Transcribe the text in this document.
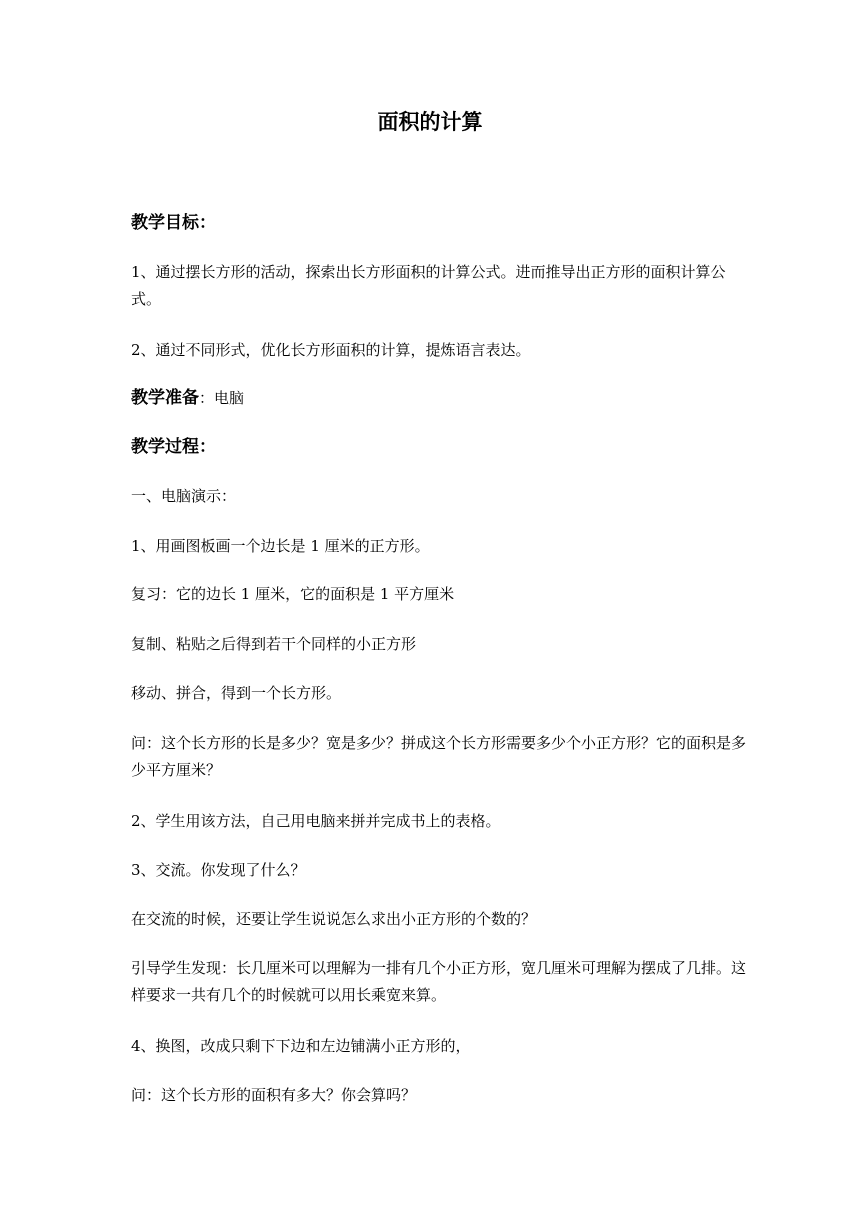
面积的计算

教学目标：

1、通过摆长方形的活动，探索出长方形面积的计算公式。进而推导出正方形的面积计算公式。

2、通过不同形式，优化长方形面积的计算，提炼语言表达。

教学准备：电脑

教学过程：

一、电脑演示：

1、用画图板画一个边长是 1 厘米的正方形。

复习：它的边长 1 厘米，它的面积是 1 平方厘米

复制、粘贴之后得到若干个同样的小正方形

移动、拼合，得到一个长方形。

问：这个长方形的长是多少？宽是多少？拼成这个长方形需要多少个小正方形？它的面积是多少平方厘米？

2、学生用该方法，自己用电脑来拼并完成书上的表格。

3、交流。你发现了什么？

在交流的时候，还要让学生说说怎么求出小正方形的个数的？

引导学生发现：长几厘米可以理解为一排有几个小正方形，宽几厘米可理解为摆成了几排。这样要求一共有几个的时候就可以用长乘宽来算。

4、换图，改成只剩下下边和左边铺满小正方形的，

问：这个长方形的面积有多大？你会算吗？
